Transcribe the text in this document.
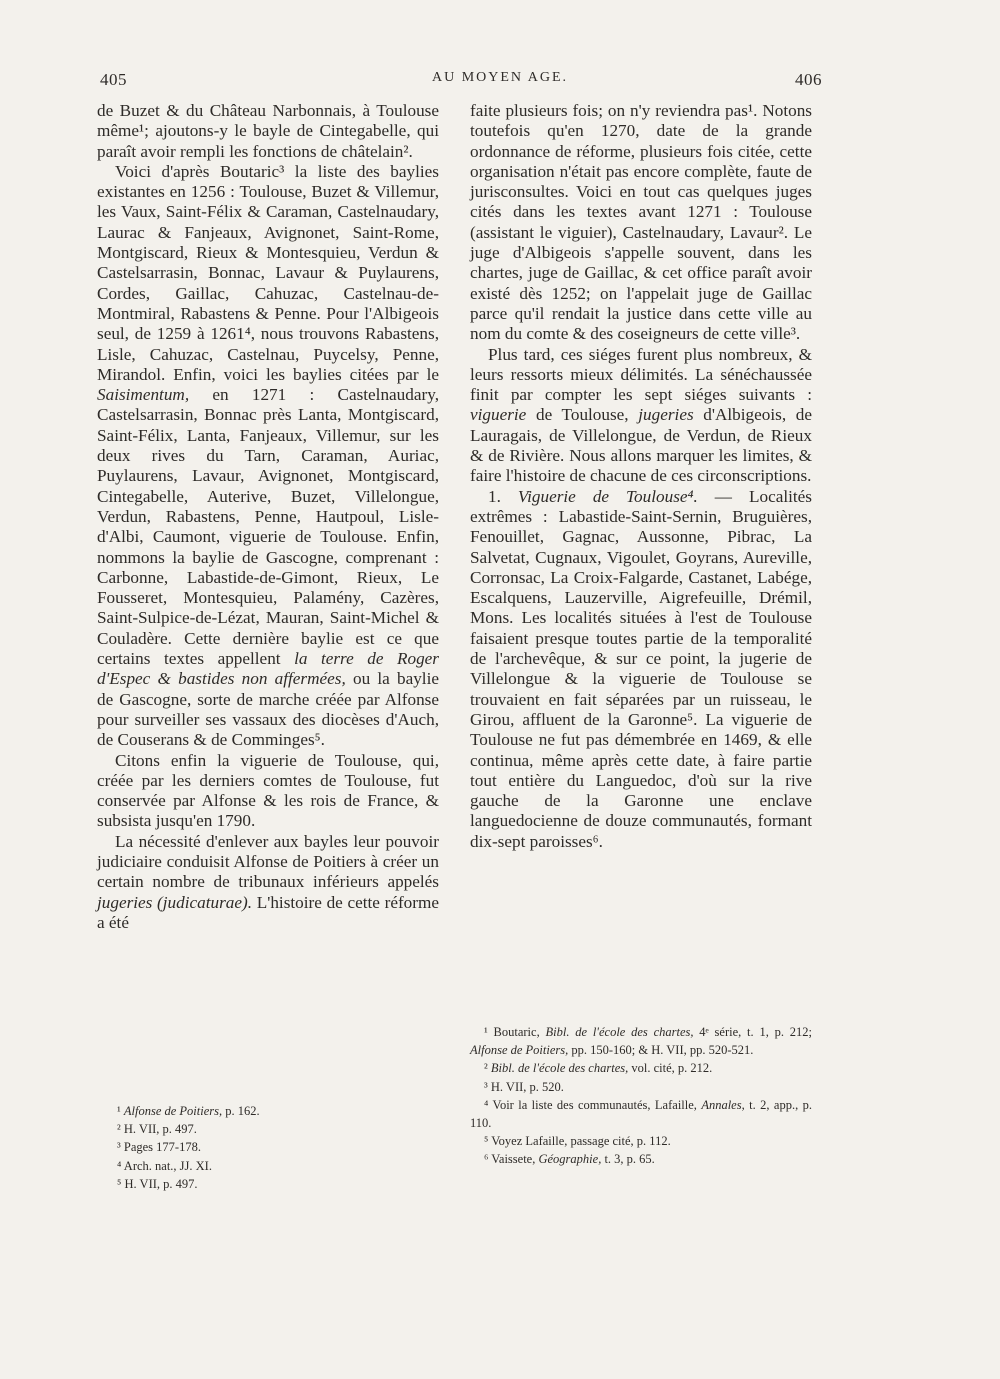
405	AU MOYEN AGE.	406

de Buzet & du Château Narbonnais, à Toulouse même¹; ajoutons-y le bayle de Cintegabelle, qui paraît avoir rempli les fonctions de châtelain².

Voici d'après Boutaric³ la liste des baylies existantes en 1256 : Toulouse, Buzet & Villemur, les Vaux, Saint-Félix & Caraman, Castelnaudary, Laurac & Fanjeaux, Avignonet, Saint-Rome, Montgiscard, Rieux & Montesquieu, Verdun & Castelsarrasin, Bonnac, Lavaur & Puylaurens, Cordes, Gaillac, Cahuzac, Castelnau-de-Montmiral, Rabastens & Penne. Pour l'Albigeois seul, de 1259 à 1261⁴, nous trouvons Rabastens, Lisle, Cahuzac, Castelnau, Puycelsy, Penne, Mirandol. Enfin, voici les baylies citées par le Saisimentum, en 1271 : Castelnaudary, Castelsarrasin, Bonnac près Lanta, Montgiscard, Saint-Félix, Lanta, Fanjeaux, Villemur, sur les deux rives du Tarn, Caraman, Auriac, Puylaurens, Lavaur, Avignonet, Montgiscard, Cintegabelle, Auterive, Buzet, Villelongue, Verdun, Rabastens, Penne, Hautpoul, Lisle-d'Albi, Caumont, viguerie de Toulouse. Enfin, nommons la baylie de Gascogne, comprenant : Carbonne, Labastide-de-Gimont, Rieux, Le Fousseret, Montesquieu, Palamény, Cazères, Saint-Sulpice-de-Lézat, Mauran, Saint-Michel & Couladère. Cette dernière baylie est ce que certains textes appellent la terre de Roger d'Espec & bastides non affermées, ou la baylie de Gascogne, sorte de marche créée par Alfonse pour surveiller ses vassaux des diocèses d'Auch, de Couserans & de Comminges⁵.

Citons enfin la viguerie de Toulouse, qui, créée par les derniers comtes de Toulouse, fut conservée par Alfonse & les rois de France, & subsista jusqu'en 1790.

La nécessité d'enlever aux bayles leur pouvoir judiciaire conduisit Alfonse de Poitiers à créer un certain nombre de tribunaux inférieurs appelés jugeries (judicaturae). L'histoire de cette réforme a été

faite plusieurs fois; on n'y reviendra pas¹. Notons toutefois qu'en 1270, date de la grande ordonnance de réforme, plusieurs fois citée, cette organisation n'était pas encore complète, faute de jurisconsultes. Voici en tout cas quelques juges cités dans les textes avant 1271 : Toulouse (assistant le viguier), Castelnaudary, Lavaur². Le juge d'Albigeois s'appelle souvent, dans les chartes, juge de Gaillac, & cet office paraît avoir existé dès 1252; on l'appelait juge de Gaillac parce qu'il rendait la justice dans cette ville au nom du comte & des coseigneurs de cette ville³.

Plus tard, ces siéges furent plus nombreux, & leurs ressorts mieux délimités. La sénéchaussée finit par compter les sept siéges suivants : viguerie de Toulouse, jugeries d'Albigeois, de Lauragais, de Villelongue, de Verdun, de Rieux & de Rivière. Nous allons marquer les limites, & faire l'histoire de chacune de ces circonscriptions.

1. Viguerie de Toulouse⁴. — Localités extrêmes : Labastide-Saint-Sernin, Bruguières, Fenouillet, Gagnac, Aussonne, Pibrac, La Salvetat, Cugnaux, Vigoulet, Goyrans, Aureville, Corronsac, La Croix-Falgarde, Castanet, Labége, Escalquens, Lauzerville, Aigrefeuille, Drémil, Mons. Les localités situées à l'est de Toulouse faisaient presque toutes partie de la temporalité de l'archevêque, & sur ce point, la jugerie de Villelongue & la viguerie de Toulouse se trouvaient en fait séparées par un ruisseau, le Girou, affluent de la Garonne⁵. La viguerie de Toulouse ne fut pas démembrée en 1469, & elle continua, même après cette date, à faire partie tout entière du Languedoc, d'où sur la rive gauche de la Garonne une enclave languedocienne de douze communautés, formant dix-sept paroisses⁶.

¹ Alfonse de Poitiers, p. 162.

² H. VII, p. 497.

³ Pages 177-178.

⁴ Arch. nat., JJ. XI.

⁵ H. VII, p. 497.

¹ Boutaric, Bibl. de l'école des chartes, 4ᵉ série, t. 1, p. 212; Alfonse de Poitiers, pp. 150-160; & H. VII, pp. 520-521.

² Bibl. de l'école des chartes, vol. cité, p. 212.

³ H. VII, p. 520.

⁴ Voir la liste des communautés, Lafaille, Annales, t. 2, app., p. 110.

⁵ Voyez Lafaille, passage cité, p. 112.

⁶ Vaissete, Géographie, t. 3, p. 65.
